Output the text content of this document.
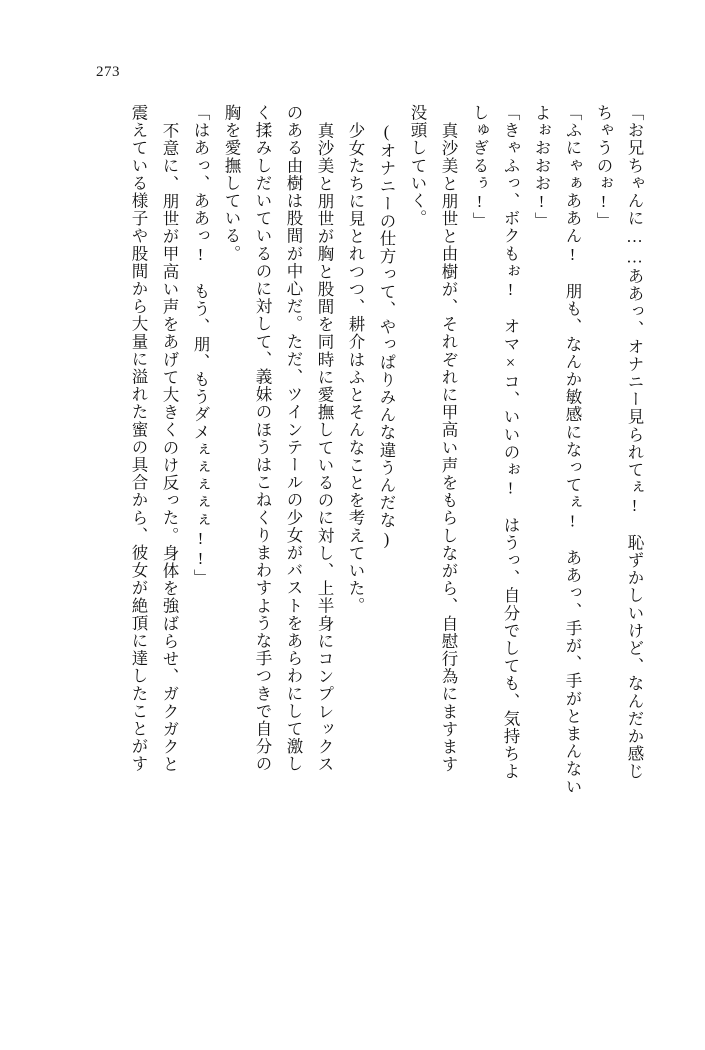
273
「お兄ちゃんに……ああっ、オナニー見られてぇ!　恥ずかしいけど、なんだか感じ
ちゃうのぉ!」
「ふにゃぁああん!　朋も、なんか敏感になってぇ!　ああっ、手が、手がとまんない
よぉおおお!」
「きゃふっ、ボクもぉ!　オマ×コ、いいのぉ!　はうっ、自分でしても、気持ちよ
しゅぎるぅ!」
真沙美と朋世と由樹が、それぞれに甲高い声をもらしながら、自慰行為にますます
没頭していく。
(オナニーの仕方って、やっぱりみんな違うんだな)
少女たちに見とれつつ、耕介はふとそんなことを考えていた。
真沙美と朋世が胸と股間を同時に愛撫しているのに対し、上半身にコンプレックス
のある由樹は股間が中心だ。ただ、ツインテールの少女がバストをあらわにして激し
く揉みしだいているのに対して、義妹のほうはこねくりまわすような手つきで自分の
胸を愛撫している。
「はあっ、ああっ!　もう、朋、もうダメぇぇぇぇぇ!!」
不意に、朋世が甲高い声をあげて大きくのけ反った。身体を強ばらせ、ガクガクと
震えている様子や股間から大量に溢れた蜜の具合から、彼女が絶頂に達したことがす
